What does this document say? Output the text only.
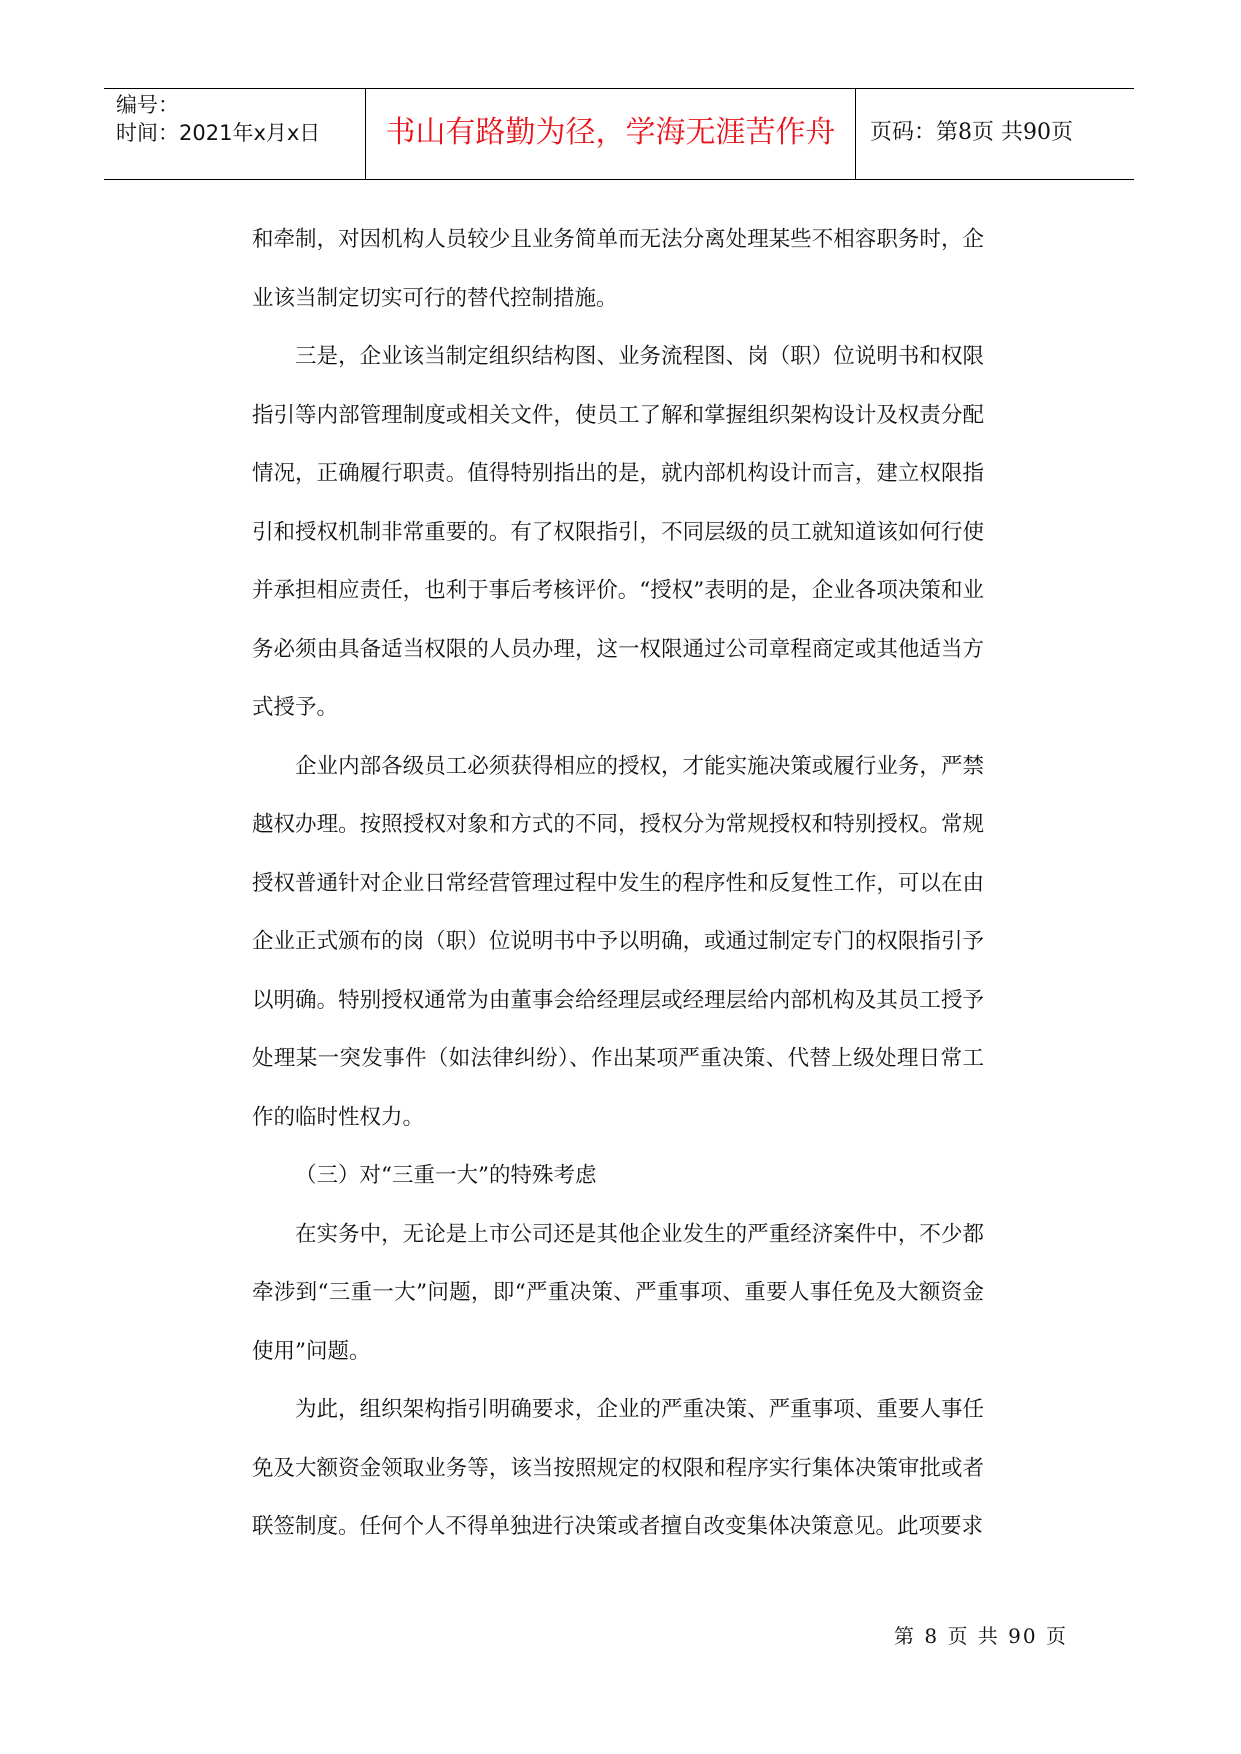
编号：
时间：2021年x月x日	书山有路勤为径，学海无涯苦作舟	页码：第8页 共90页

和牵制，对因机构人员较少且业务简单而无法分离处理某些不相容职务时，企业该当制定切实可行的替代控制措施。

三是，企业该当制定组织结构图、业务流程图、岗（职）位说明书和权限指引等内部管理制度或相关文件，使员工了解和掌握组织架构设计及权责分配情况，正确履行职责。值得特别指出的是，就内部机构设计而言，建立权限指引和授权机制非常重要的。有了权限指引，不同层级的员工就知道该如何行使并承担相应责任，也利于事后考核评价。“授权”表明的是，企业各项决策和业务必须由具备适当权限的人员办理，这一权限通过公司章程商定或其他适当方式授予。

企业内部各级员工必须获得相应的授权，才能实施决策或履行业务，严禁越权办理。按照授权对象和方式的不同，授权分为常规授权和特别授权。常规授权普通针对企业日常经营管理过程中发生的程序性和反复性工作，可以在由企业正式颁布的岗（职）位说明书中予以明确，或通过制定专门的权限指引予以明确。特别授权通常为由董事会给经理层或经理层给内部机构及其员工授予处理某一突发事件（如法律纠纷）、作出某项严重决策、代替上级处理日常工作的临时性权力。

（三）对“三重一大”的特殊考虑

在实务中，无论是上市公司还是其他企业发生的严重经济案件中，不少都牵涉到“三重一大”问题，即“严重决策、严重事项、重要人事任免及大额资金使用”问题。

为此，组织架构指引明确要求，企业的严重决策、严重事项、重要人事任免及大额资金领取业务等，该当按照规定的权限和程序实行集体决策审批或者联签制度。任何个人不得单独进行决策或者擅自改变集体决策意见。此项要求

第 8 页 共 90 页
